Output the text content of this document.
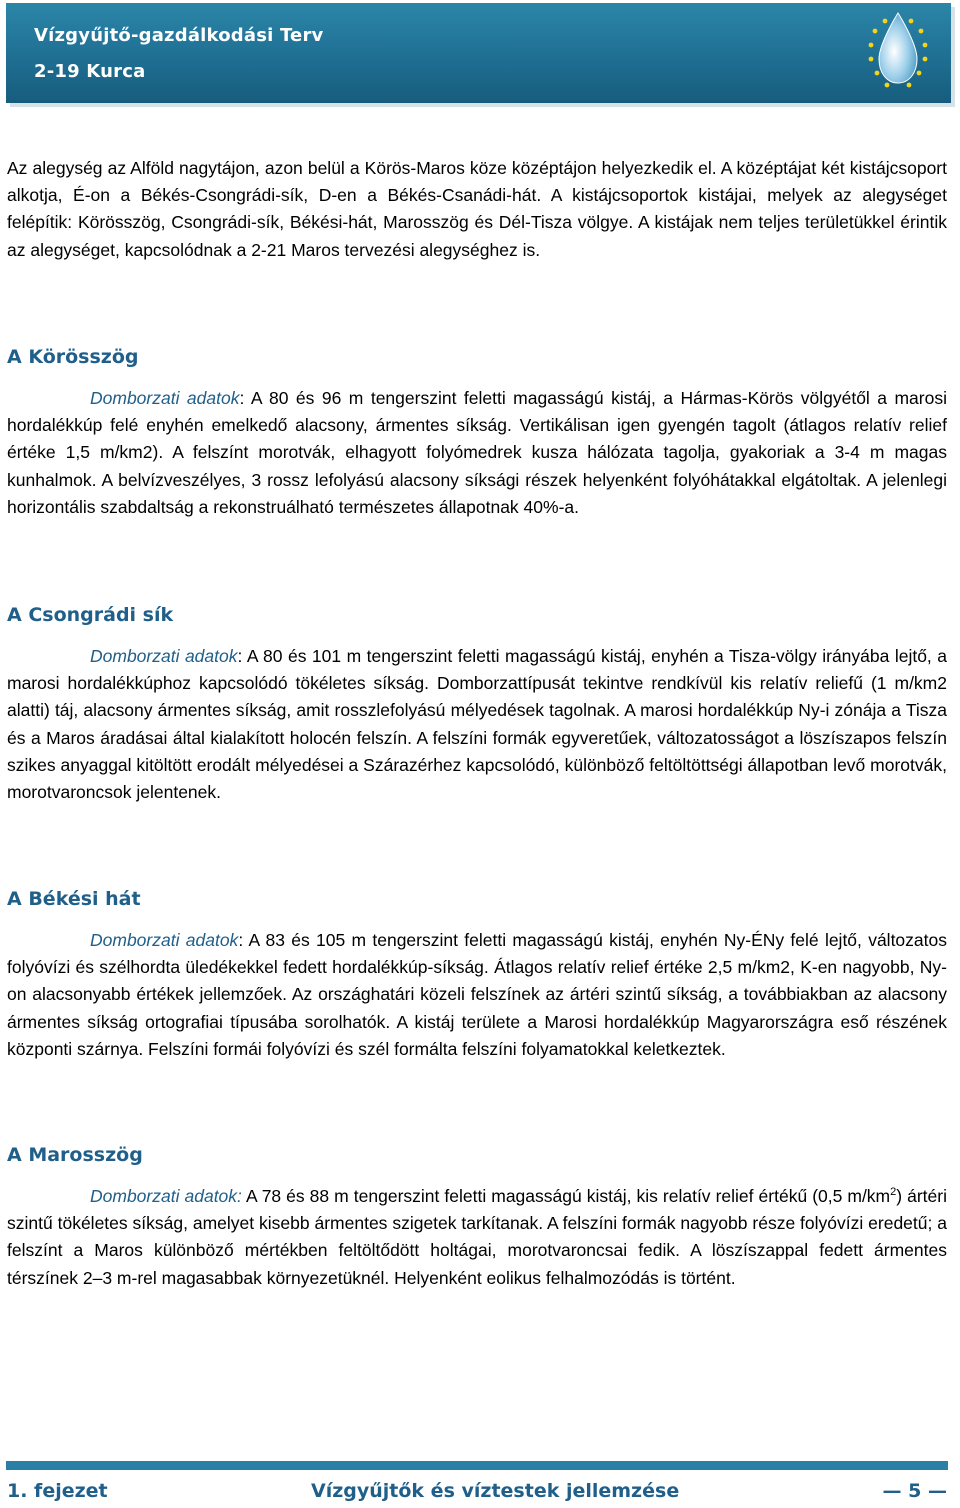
Vízgyűjtő-gazdálkodási Terv
2-19 Kurca

Az alegység az Alföld nagytájon, azon belül a Körös-Maros köze középtájon helyezkedik el. A középtájat két kistájcsoport alkotja, É-on a Békés-Csongrádi-sík, D-en a Békés-Csanádi-hát. A kistájcsoportok kistájai, melyek az alegységet felépítik: Körösszög, Csongrádi-sík, Békési-hát, Marosszög és Dél-Tisza völgye. A kistájak nem teljes területükkel érintik az alegységet, kapcsolódnak a 2-21 Maros tervezési alegységhez is.

A Körösszög

Domborzati adatok: A 80 és 96 m tengerszint feletti magasságú kistáj, a Hármas-Körös völgyétől a marosi hordalékkúp felé enyhén emelkedő alacsony, ármentes síkság. Vertikálisan igen gyengén tagolt (átlagos relatív relief értéke 1,5 m/km2). A felszínt morotvák, elhagyott folyómedrek kusza hálózata tagolja, gyakoriak a 3-4 m magas kunhalmok. A belvízveszélyes, 3 rossz lefolyású alacsony síksági részek helyenként folyóhátakkal elgátoltak. A jelenlegi horizontális szabdaltság a rekonstruálható természetes állapotnak 40%-a.

A Csongrádi sík

Domborzati adatok: A 80 és 101 m tengerszint feletti magasságú kistáj, enyhén a Tisza-völgy irányába lejtő, a marosi hordalékkúphoz kapcsolódó tökéletes síkság. Domborzattípusát tekintve rendkívül kis relatív reliefű (1 m/km2 alatti) táj, alacsony ármentes síkság, amit rosszlefolyású mélyedések tagolnak. A marosi hordalékkúp Ny-i zónája a Tisza és a Maros áradásai által kialakított holocén felszín. A felszíni formák egyveretűek, változatosságot a löszíszapos felszín szikes anyaggal kitöltött erodált mélyedései a Szárazérhez kapcsolódó, különböző feltöltöttségi állapotban levő morotvák, morotvaroncsok jelentenek.

A Békési hát

Domborzati adatok: A 83 és 105 m tengerszint feletti magasságú kistáj, enyhén Ny-ÉNy felé lejtő, változatos folyóvízi és szélhordta üledékekkel fedett hordalékkúp-síkság. Átlagos relatív relief értéke 2,5 m/km2, K-en nagyobb, Ny-on alacsonyabb értékek jellemzőek. Az országhatári közeli felszínek az ártéri szintű síkság, a továbbiakban az alacsony ármentes síkság ortografiai típusába sorolhatók. A kistáj területe a Marosi hordalékkúp Magyarországra eső részének központi szárnya. Felszíni formái folyóvízi és szél formálta felszíni folyamatokkal keletkeztek.

A Marosszög

Domborzati adatok: A 78 és 88 m tengerszint feletti magasságú kistáj, kis relatív relief értékű (0,5 $m/km^2$) ártéri szintű tökéletes síkság, amelyet kisebb ármentes szigetek tarkítanak. A felszíni formák nagyobb része folyóvízi eredetű; a felszínt a Maros különböző mértékben feltöltődött holtágai, morotvaroncsai fedik. A löszíszappal fedett ármentes térszínek 2–3 m-rel magasabbak környezetüknél. Helyenként eolikus felhalmozódás is történt.

1. fejezet	Vízgyűjtők és víztestek jellemzése	— 5 —
